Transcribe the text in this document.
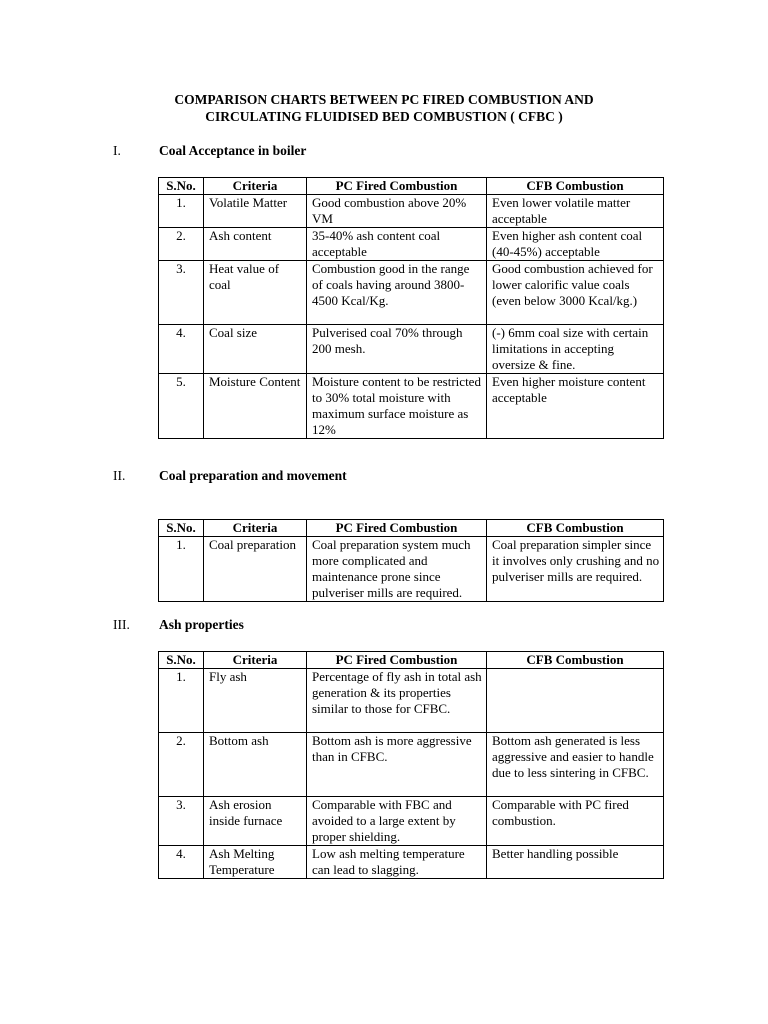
COMPARISON CHARTS BETWEEN PC FIRED COMBUSTION AND
CIRCULATING FLUIDISED BED COMBUSTION ( CFBC )
I.	Coal Acceptance in boiler
S.No.	Criteria	PC Fired Combustion	CFB Combustion
1.	Volatile Matter	Good combustion above 20% VM	Even lower volatile matter acceptable
2.	Ash content	35-40% ash content coal acceptable	Even higher ash content coal (40-45%) acceptable
3.	Heat value of coal	Combustion good in the range of coals having around 3800-4500 Kcal/Kg.	Good combustion achieved for lower calorific value coals (even below 3000 Kcal/kg.)
4.	Coal size	Pulverised coal 70% through 200 mesh.	(-) 6mm coal size with certain limitations in accepting oversize & fine.
5.	Moisture Content	Moisture content to be restricted to 30% total moisture with maximum surface moisture as 12%	Even higher moisture content acceptable
II. Coal preparation and movement
S.No.	Criteria	PC Fired Combustion	CFB Combustion
1.	Coal preparation	Coal preparation system much more complicated and maintenance prone since pulveriser mills are required.	Coal preparation simpler since it involves only crushing and no pulveriser mills are required.
III. Ash properties
S.No.	Criteria	PC Fired Combustion	CFB Combustion
1.	Fly ash	Percentage of fly ash in total ash generation & its properties similar to those for CFBC.	
2.	Bottom ash	Bottom ash is more aggressive than in CFBC.	Bottom ash generated is less aggressive and easier to handle due to less sintering in CFBC.
3.	Ash erosion inside furnace	Comparable with FBC and avoided to a large extent by proper shielding.	Comparable with PC fired combustion.
4.	Ash Melting Temperature	Low ash melting temperature can lead to slagging.	Better handling possible
